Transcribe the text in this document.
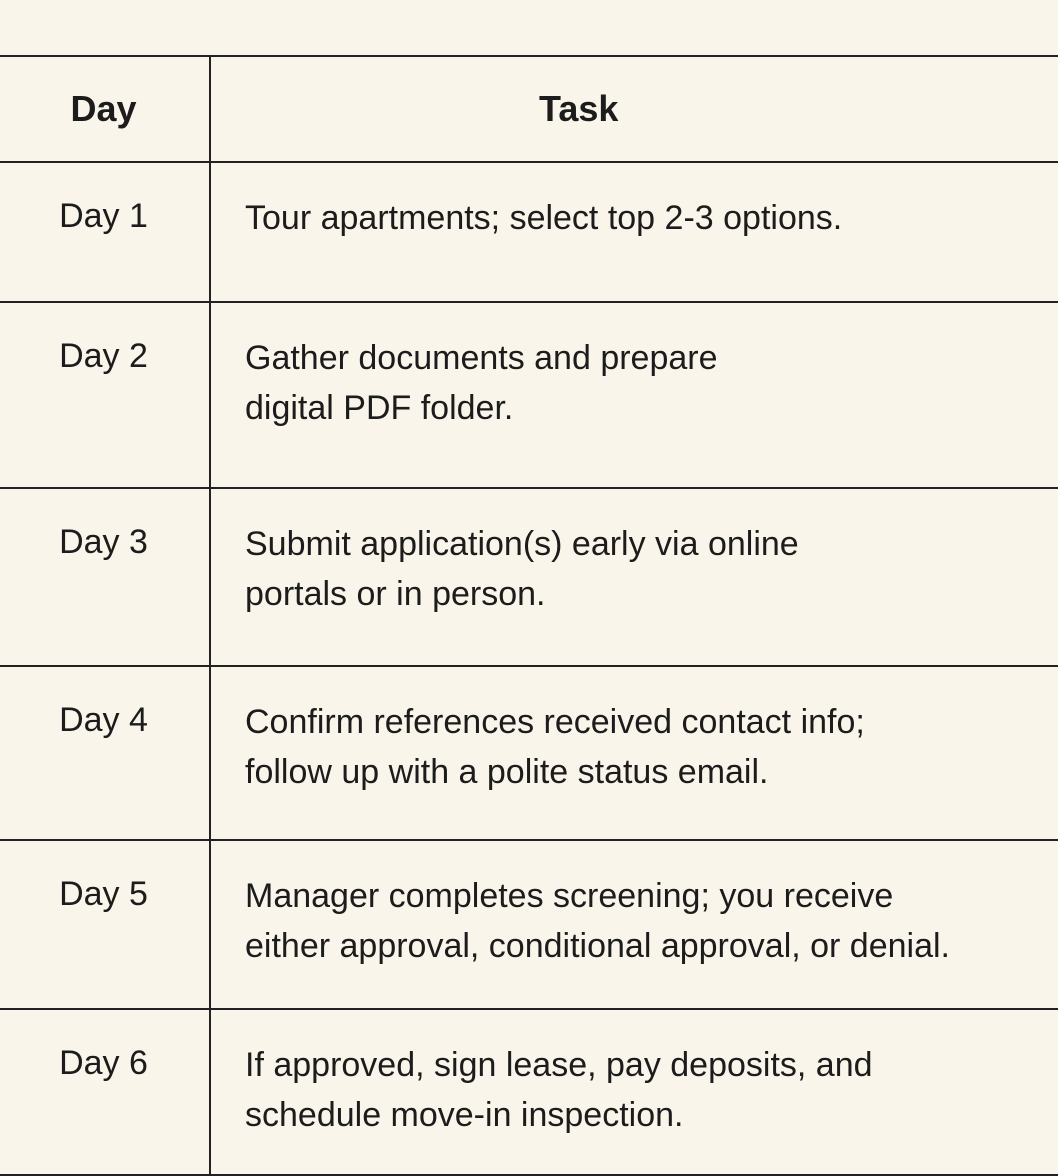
Day	Task
Day 1	Tour apartments; select top 2-3 options.

Day 2	Gather documents and prepare
digital PDF folder.

Day 3	Submit application(s) early via online
portals or in person.

Day 4	Confirm references received contact info;
follow up with a polite status email.

Day 5	Manager completes screening; you receive
either approval, conditional approval, or denial.

Day 6	If approved, sign lease, pay deposits, and
schedule move-in inspection.
